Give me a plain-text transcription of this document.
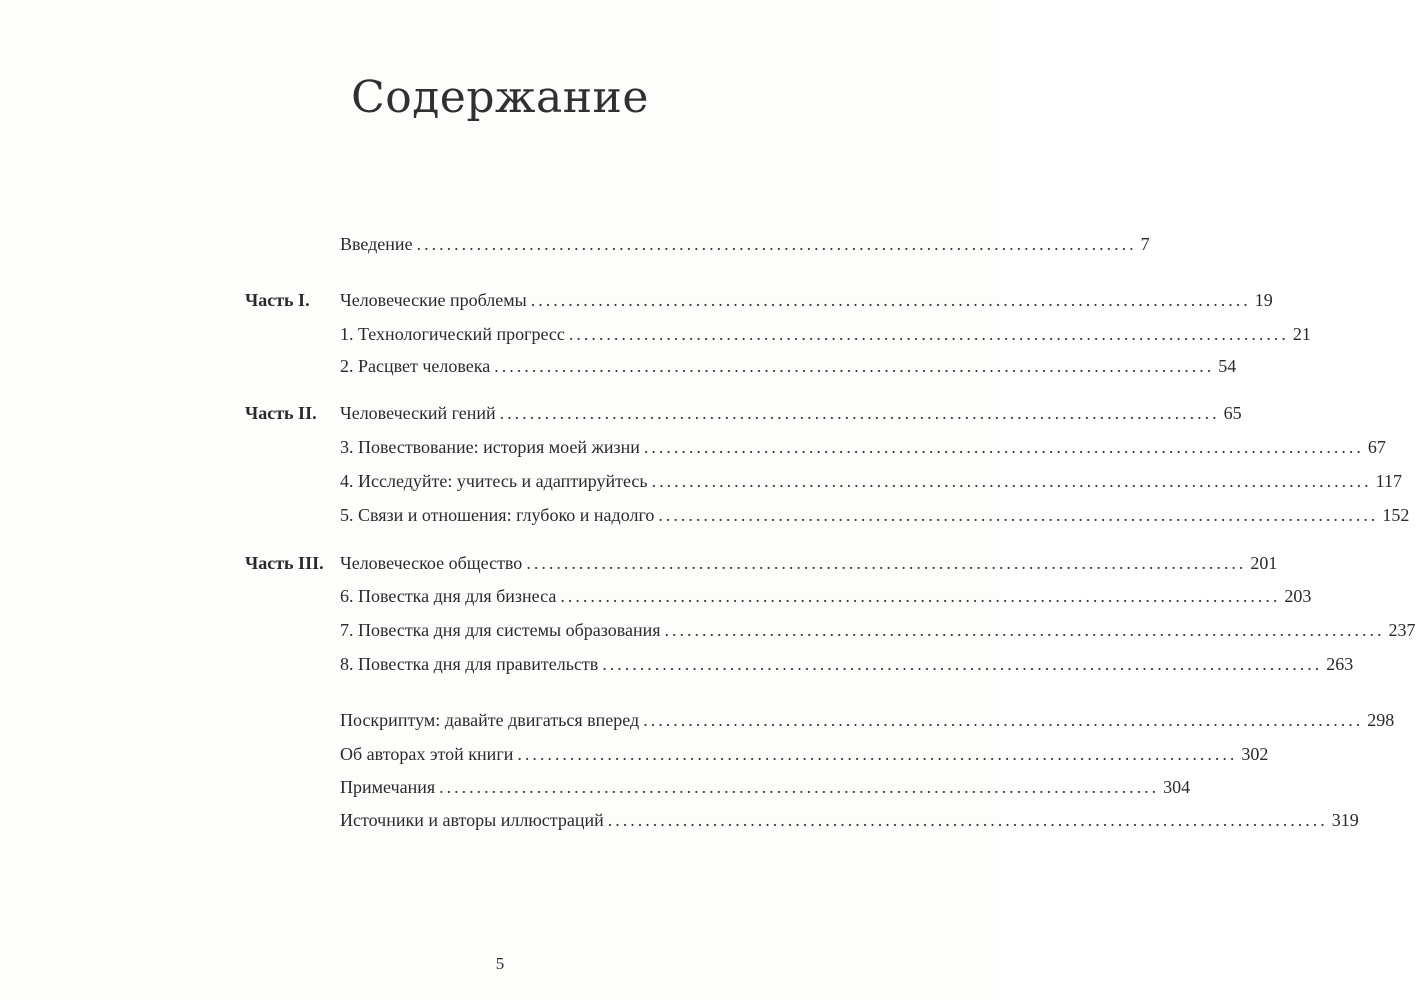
Содержание
Часть I.
Часть II.
Часть III.
Введение ................................................................................................ 7
Человеческие проблемы ................................................................................................ 19
1. Технологический прогресс ................................................................................................ 21
2. Расцвет человека ................................................................................................ 54
Человеческий гений ................................................................................................ 65
3. Повествование: история моей жизни ................................................................................................ 67
4. Исследуйте: учитесь и адаптируйтесь ................................................................................................ 117
5. Связи и отношения: глубоко и надолго ................................................................................................ 152
Человеческое общество ................................................................................................ 201
6. Повестка дня для бизнеса ................................................................................................ 203
7. Повестка дня для системы образования ................................................................................................ 237
8. Повестка дня для правительств ................................................................................................ 263
Поскриптум: давайте двигаться вперед ................................................................................................ 298
Об авторах этой книги ................................................................................................ 302
Примечания ................................................................................................ 304
Источники и авторы иллюстраций ................................................................................................ 319
5
